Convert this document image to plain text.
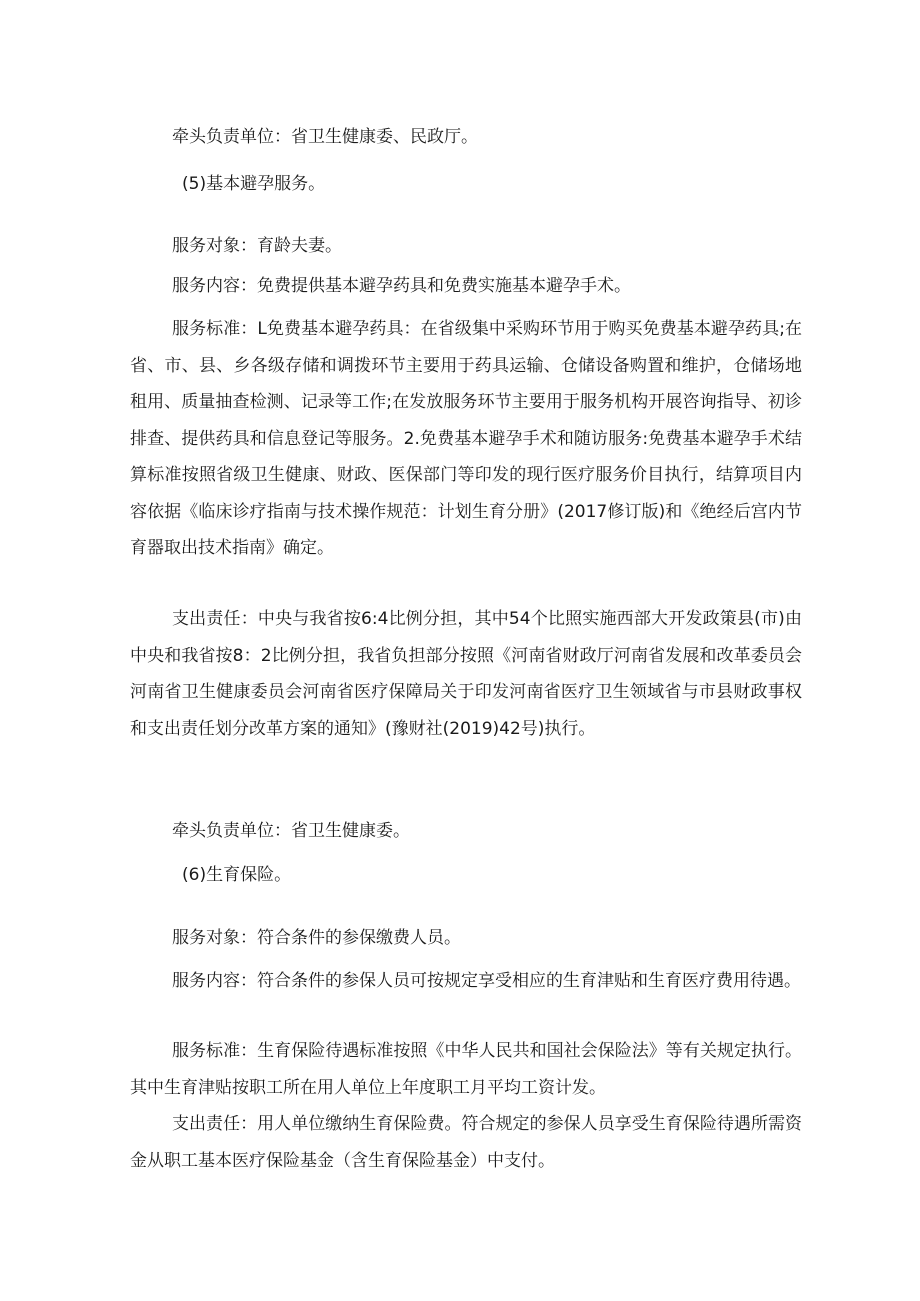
牵头负责单位：省卫生健康委、民政厅。

(5)基本避孕服务。

服务对象：育龄夫妻。

服务内容：免费提供基本避孕药具和免费实施基本避孕手术。

服务标准：L免费基本避孕药具：在省级集中采购环节用于购买免费基本避孕药具;在省、市、县、乡各级存储和调拨环节主要用于药具运输、仓储设备购置和维护，仓储场地租用、质量抽查检测、记录等工作;在发放服务环节主要用于服务机构开展咨询指导、初诊排查、提供药具和信息登记等服务。2.免费基本避孕手术和随访服务:免费基本避孕手术结算标准按照省级卫生健康、财政、医保部门等印发的现行医疗服务价目执行，结算项目内容依据《临床诊疗指南与技术操作规范：计划生育分册》(2017修订版)和《绝经后宫内节育器取出技术指南》确定。

支出责任：中央与我省按6:4比例分担，其中54个比照实施西部大开发政策县(市)由中央和我省按8：2比例分担，我省负担部分按照《河南省财政厅河南省发展和改革委员会河南省卫生健康委员会河南省医疗保障局关于印发河南省医疗卫生领域省与市县财政事权和支出责任划分改革方案的通知》(豫财社(2019)42号)执行。

牵头负责单位：省卫生健康委。

(6)生育保险。

服务对象：符合条件的参保缴费人员。

服务内容：符合条件的参保人员可按规定享受相应的生育津贴和生育医疗费用待遇。

服务标准：生育保险待遇标准按照《中华人民共和国社会保险法》等有关规定执行。其中生育津贴按职工所在用人单位上年度职工月平均工资计发。

支出责任：用人单位缴纳生育保险费。符合规定的参保人员享受生育保险待遇所需资金从职工基本医疗保险基金（含生育保险基金）中支付。
